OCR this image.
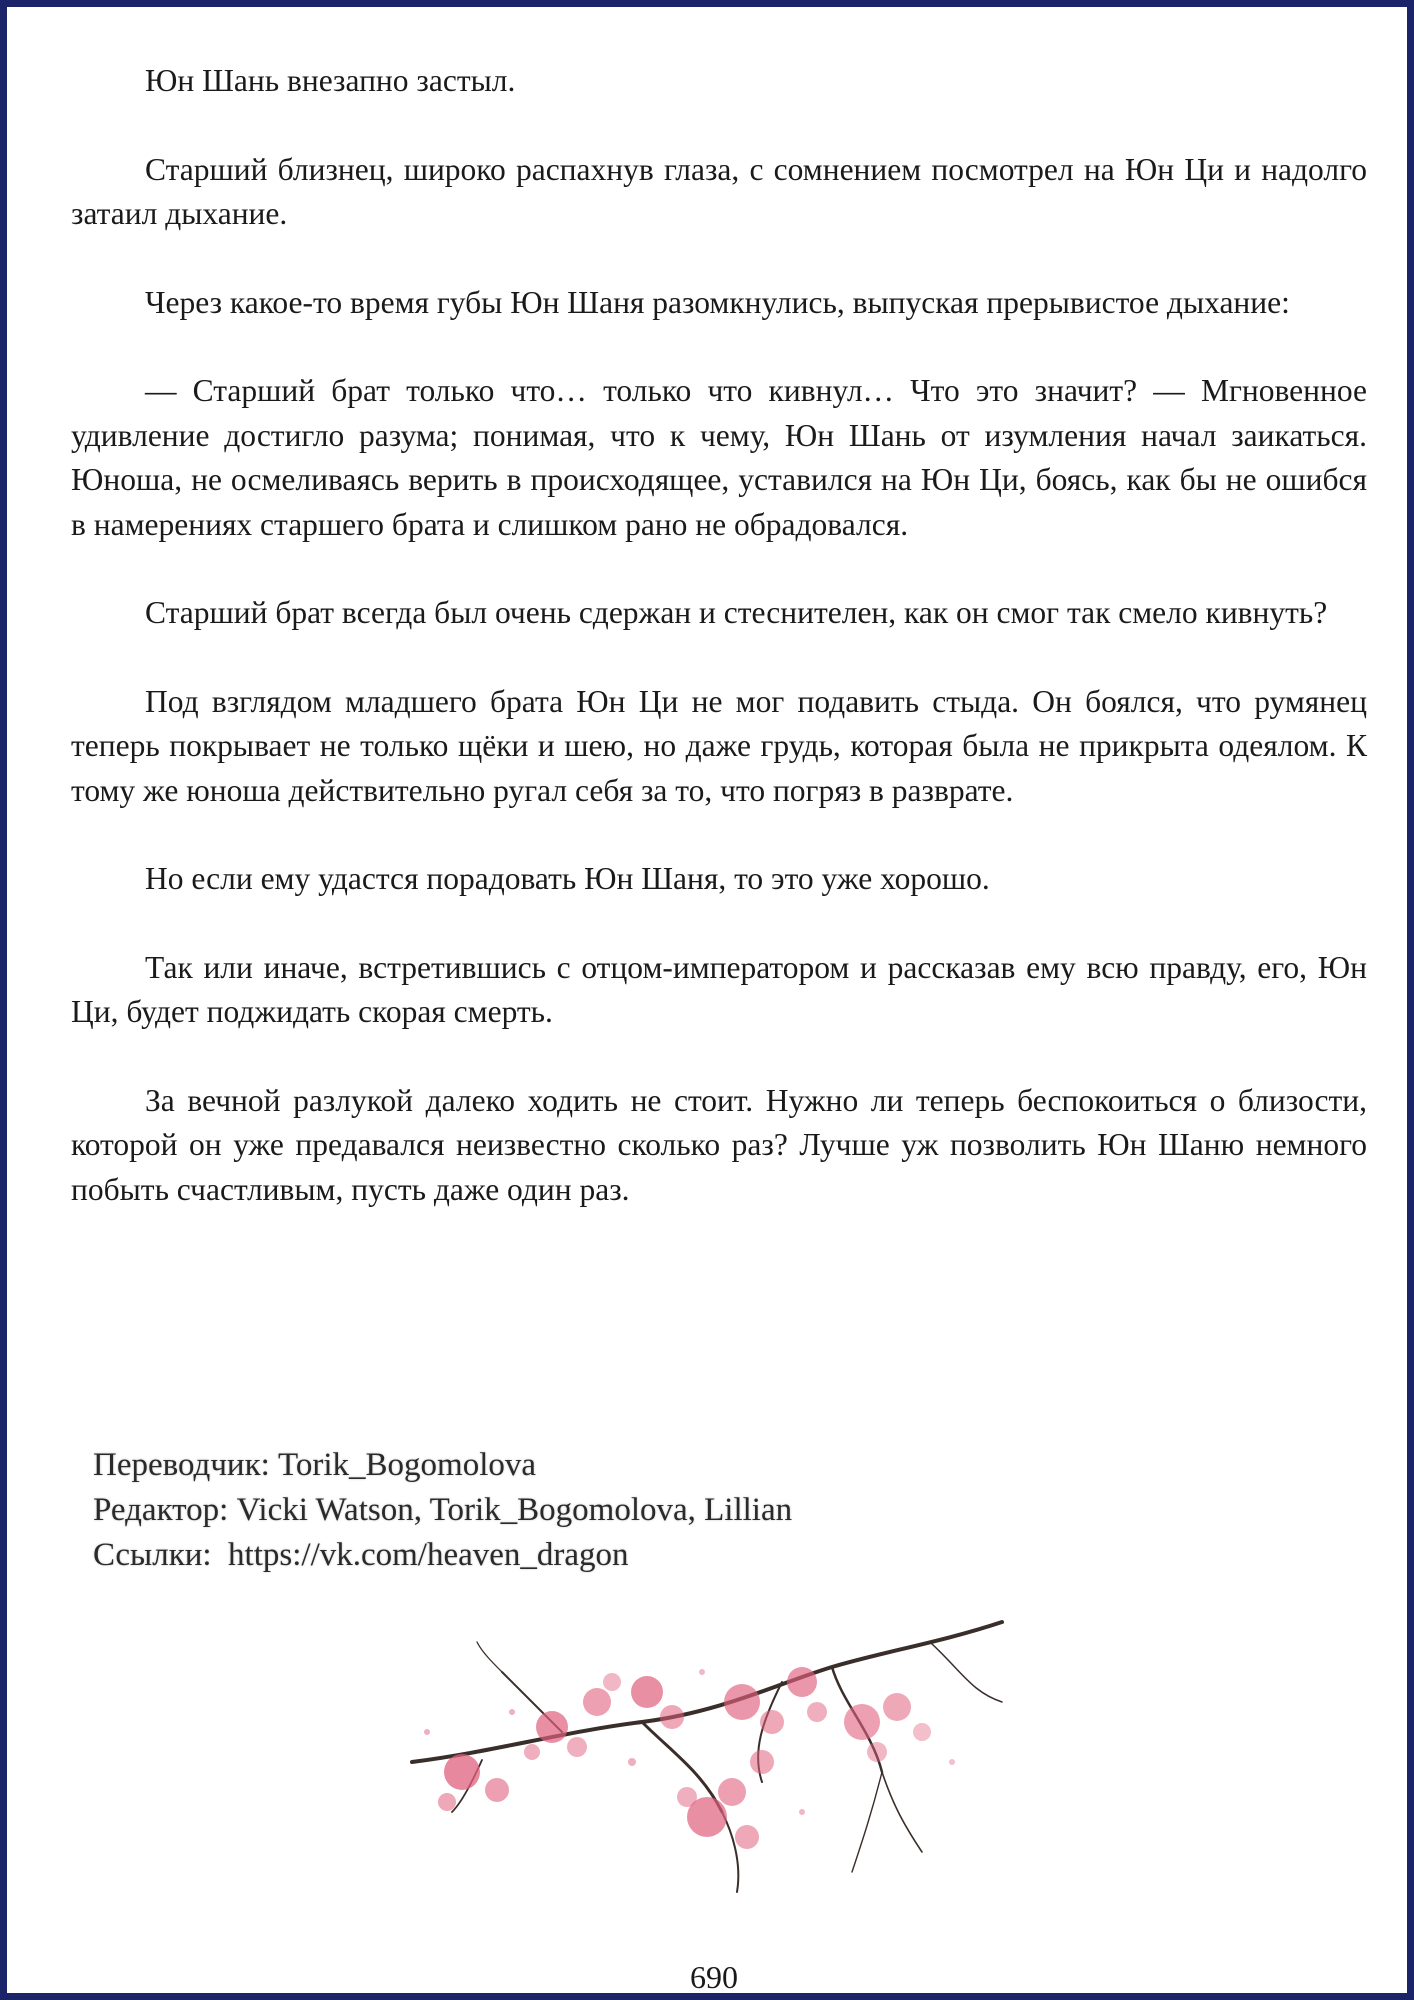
Юн Шань внезапно застыл.

Старший близнец, широко распахнув глаза, с сомнением посмотрел на Юн Ци и надолго затаил дыхание.

Через какое-то время губы Юн Шаня разомкнулись, выпуская прерывистое дыхание:

— Старший брат только что… только что кивнул… Что это значит? — Мгновенное удивление достигло разума; понимая, что к чему, Юн Шань от изумления начал заикаться. Юноша, не осмеливаясь верить в происходящее, уставился на Юн Ци, боясь, как бы не ошибся в намерениях старшего брата и слишком рано не обрадовался.

Старший брат всегда был очень сдержан и стеснителен, как он смог так смело кивнуть?

Под взглядом младшего брата Юн Ци не мог подавить стыда. Он боялся, что румянец теперь покрывает не только щёки и шею, но даже грудь, которая была не прикрыта одеялом. К тому же юноша действительно ругал себя за то, что погряз в разврате.

Но если ему удастся порадовать Юн Шаня, то это уже хорошо.

Так или иначе, встретившись с отцом-императором и рассказав ему всю правду, его, Юн Ци, будет поджидать скорая смерть.

За вечной разлукой далеко ходить не стоит. Нужно ли теперь беспокоиться о близости, которой он уже предавался неизвестно сколько раз? Лучше уж позволить Юн Шаню немного побыть счастливым, пусть даже один раз.

Переводчик: Torik_Bogomolova
Редактор: Vicki Watson, Torik_Bogomolova, Lillian
Ссылки:  https://vk.com/heaven_dragon
690
